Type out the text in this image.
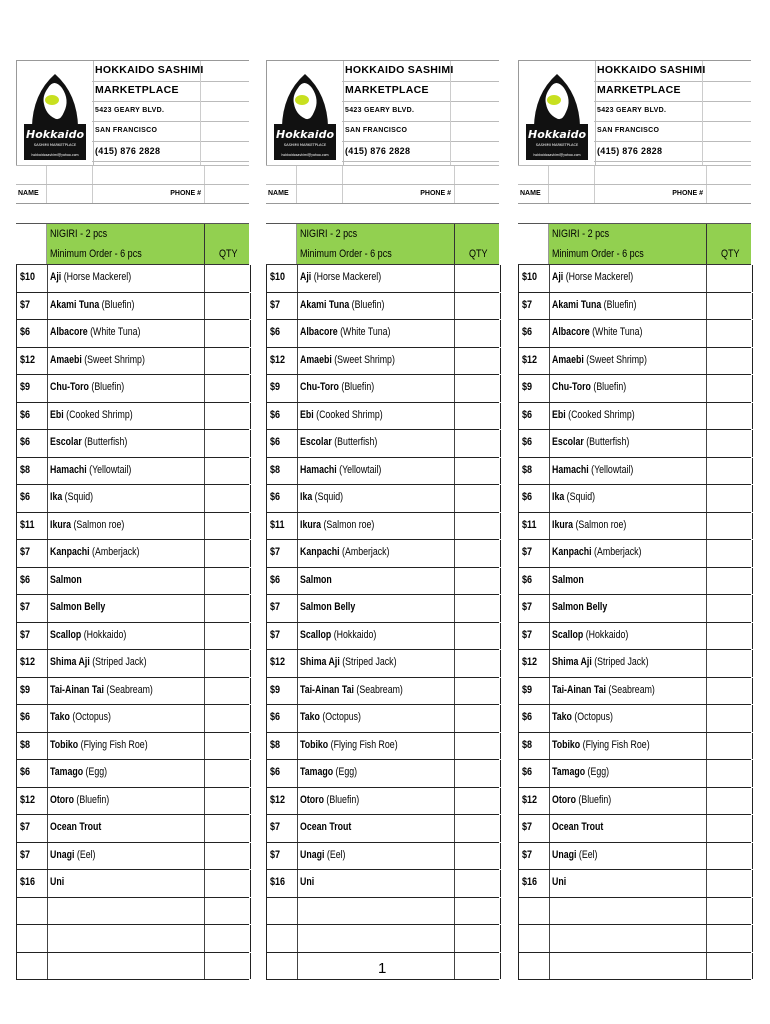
Hokkaido
SASHIMI MARKETPLACE
hokkaidosashimi@yahoo.com
HOKKAIDO SASHIMI
MARKETPLACE
5423 GEARY BLVD.
SAN FRANCISCO
(415) 876 2828
NAME	PHONE #
NIGIRI - 2 pcs
Minimum Order - 6 pcs	QTY
$10 Aji (Horse Mackerel)
$7 Akami Tuna (Bluefin)
$6 Albacore (White Tuna)
$12 Amaebi (Sweet Shrimp)
$9 Chu-Toro (Bluefin)
$6 Ebi (Cooked Shrimp)
$6 Escolar (Butterfish)
$8 Hamachi (Yellowtail)
$6 Ika (Squid)
$11 Ikura (Salmon roe)
$7 Kanpachi (Amberjack)
$6 Salmon
$7 Salmon Belly
$7 Scallop (Hokkaido)
$12 Shima Aji (Striped Jack)
$9 Tai-Ainan Tai (Seabream)
$6 Tako (Octopus)
$8 Tobiko (Flying Fish Roe)
$6 Tamago (Egg)
$12 Otoro (Bluefin)
$7 Ocean Trout
$7 Unagi (Eel)
$16 Uni
Hokkaido
SASHIMI MARKETPLACE
hokkaidosashimi@yahoo.com
HOKKAIDO SASHIMI
MARKETPLACE
5423 GEARY BLVD.
SAN FRANCISCO
(415) 876 2828
NAME	PHONE #
NIGIRI - 2 pcs
Minimum Order - 6 pcs	QTY
$10 Aji (Horse Mackerel)
$7 Akami Tuna (Bluefin)
$6 Albacore (White Tuna)
$12 Amaebi (Sweet Shrimp)
$9 Chu-Toro (Bluefin)
$6 Ebi (Cooked Shrimp)
$6 Escolar (Butterfish)
$8 Hamachi (Yellowtail)
$6 Ika (Squid)
$11 Ikura (Salmon roe)
$7 Kanpachi (Amberjack)
$6 Salmon
$7 Salmon Belly
$7 Scallop (Hokkaido)
$12 Shima Aji (Striped Jack)
$9 Tai-Ainan Tai (Seabream)
$6 Tako (Octopus)
$8 Tobiko (Flying Fish Roe)
$6 Tamago (Egg)
$12 Otoro (Bluefin)
$7 Ocean Trout
$7 Unagi (Eel)
$16 Uni
Hokkaido
SASHIMI MARKETPLACE
hokkaidosashimi@yahoo.com
HOKKAIDO SASHIMI
MARKETPLACE
5423 GEARY BLVD.
SAN FRANCISCO
(415) 876 2828
NAME	PHONE #
NIGIRI - 2 pcs
Minimum Order - 6 pcs	QTY
$10 Aji (Horse Mackerel)
$7 Akami Tuna (Bluefin)
$6 Albacore (White Tuna)
$12 Amaebi (Sweet Shrimp)
$9 Chu-Toro (Bluefin)
$6 Ebi (Cooked Shrimp)
$6 Escolar (Butterfish)
$8 Hamachi (Yellowtail)
$6 Ika (Squid)
$11 Ikura (Salmon roe)
$7 Kanpachi (Amberjack)
$6 Salmon
$7 Salmon Belly
$7 Scallop (Hokkaido)
$12 Shima Aji (Striped Jack)
$9 Tai-Ainan Tai (Seabream)
$6 Tako (Octopus)
$8 Tobiko (Flying Fish Roe)
$6 Tamago (Egg)
$12 Otoro (Bluefin)
$7 Ocean Trout
$7 Unagi (Eel)
$16 Uni
1
